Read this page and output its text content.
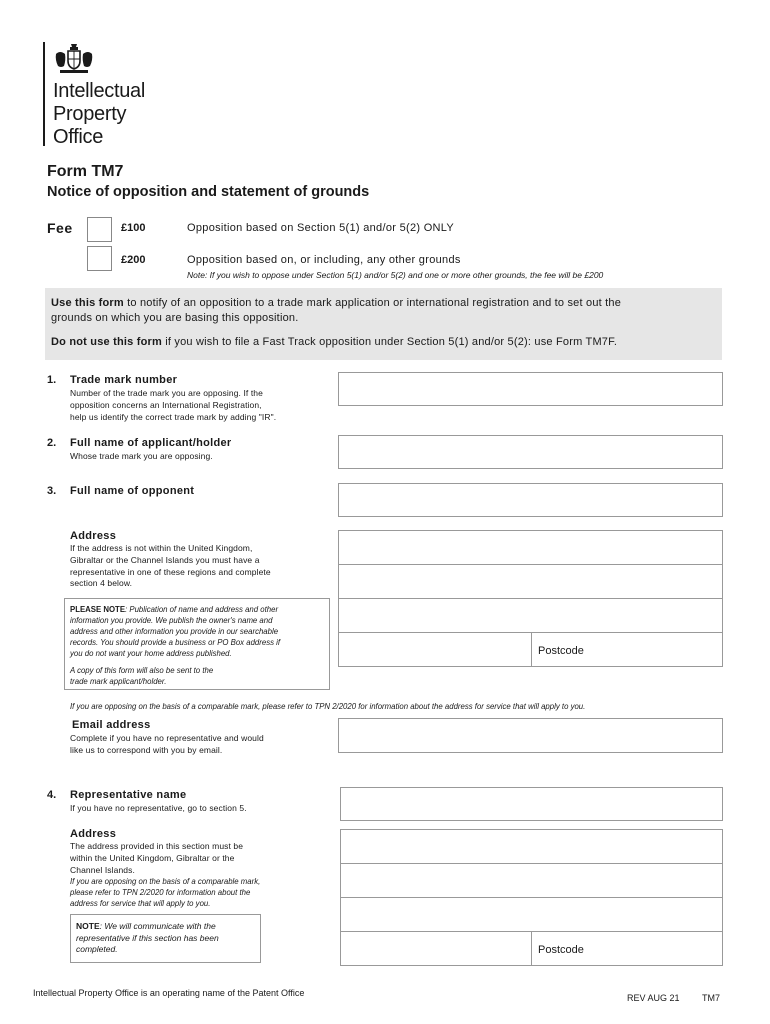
Intellectual
Property
Office
Form TM7
Notice of opposition and statement of grounds
Fee	£100	Opposition based on Section 5(1) and/or 5(2) ONLY
£200	Opposition based on, or including, any other grounds
Note: If you wish to oppose under Section 5(1) and/or 5(2) and one or more other grounds, the fee will be £200
Use this form to notify of an opposition to a trade mark application or international registration and to set out the
grounds on which you are basing this opposition.
Do not use this form if you wish to file a Fast Track opposition under Section 5(1) and/or 5(2): use Form TM7F.
1. Trade mark number
Number of the trade mark you are opposing. If the
opposition concerns an International Registration,
help us identify the correct trade mark by adding "IR".
2. Full name of applicant/holder
Whose trade mark you are opposing.
3. Full name of opponent
Address
If the address is not within the United Kingdom,
Gibraltar or the Channel Islands you must have a
representative in one of these regions and complete
section 4 below.
Postcode
PLEASE NOTE: Publication of name and address and other
information you provide. We publish the owner's name and
address and other information you provide in our searchable
records. You should provide a business or PO Box address if
you do not want your home address published.
A copy of this form will also be sent to the
trade mark applicant/holder.
If you are opposing on the basis of a comparable mark, please refer to TPN 2/2020 for information about the address for service that will apply to you.
Email address
Complete if you have no representative and would
like us to correspond with you by email.
4. Representative name
If you have no representative, go to section 5.
Address
The address provided in this section must be
within the United Kingdom, Gibraltar or the
Channel Islands.
If you are opposing on the basis of a comparable mark,
please refer to TPN 2/2020 for information about the
address for service that will apply to you.
Postcode
NOTE: We will communicate with the
representative if this section has been
completed.
Intellectual Property Office is an operating name of the Patent Office	REV AUG 21 TM7
